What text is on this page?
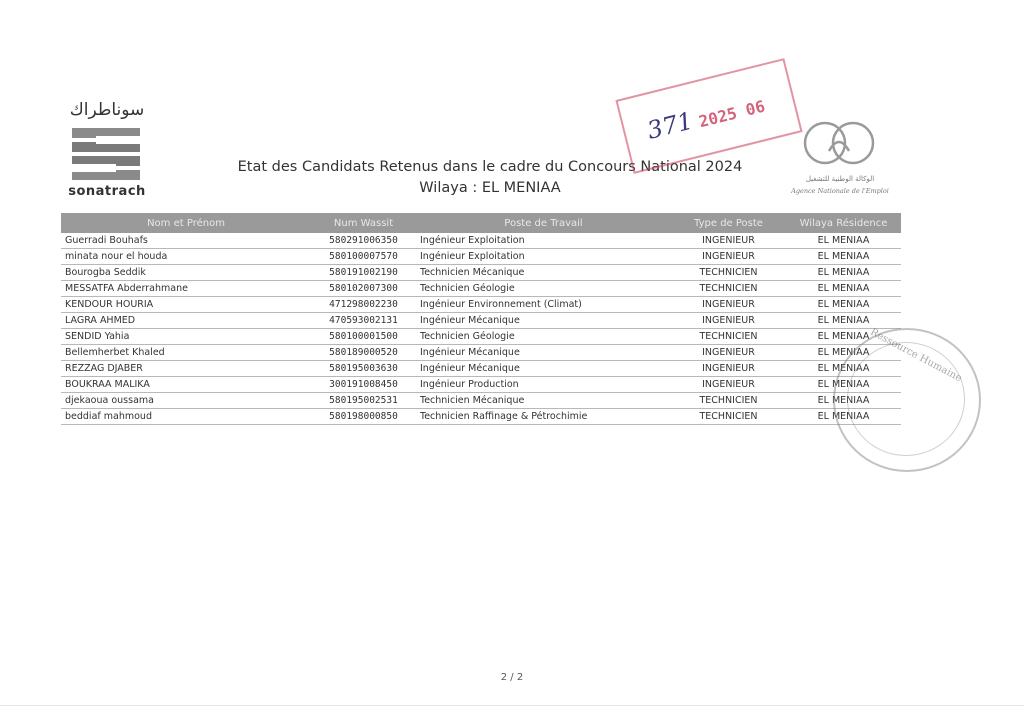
سوناطراك
sonatrach
Etat des Candidats Retenus dans le cadre du Concours National 2024
Wilaya : EL MENIAA
371 2025 06
الوكالة الوطنية للتشغيل
Agence Nationale de l'Emploi
Nom et Prénom	Num Wassit	Poste de Travail	Type de Poste	Wilaya Résidence
Guerradi Bouhafs	580291006350	Ingénieur Exploitation	INGENIEUR	EL MENIAA
minata nour el houda	580100007570	Ingénieur Exploitation	INGENIEUR	EL MENIAA
Bourogba Seddik	580191002190	Technicien Mécanique	TECHNICIEN	EL MENIAA
MESSATFA Abderrahmane	580102007300	Technicien Géologie	TECHNICIEN	EL MENIAA
KENDOUR HOURIA	471298002230	Ingénieur Environnement (Climat)	INGENIEUR	EL MENIAA
LAGRA AHMED	470593002131	Ingénieur Mécanique	INGENIEUR	EL MENIAA
SENDID Yahia	580100001500	Technicien Géologie	TECHNICIEN	EL MENIAA
Bellemherbet Khaled	580189000520	Ingénieur Mécanique	INGENIEUR	EL MENIAA
REZZAG DJABER	580195003630	Ingénieur Mécanique	INGENIEUR	EL MENIAA
BOUKRAA MALIKA	300191008450	Ingénieur Production	INGENIEUR	EL MENIAA
djekaoua oussama	580195002531	Technicien Mécanique	TECHNICIEN	EL MENIAA
beddiaf mahmoud	580198000850	Technicien Raffinage & Pétrochimie	TECHNICIEN	EL MENIAA
Ressource Humaine
2 / 2
